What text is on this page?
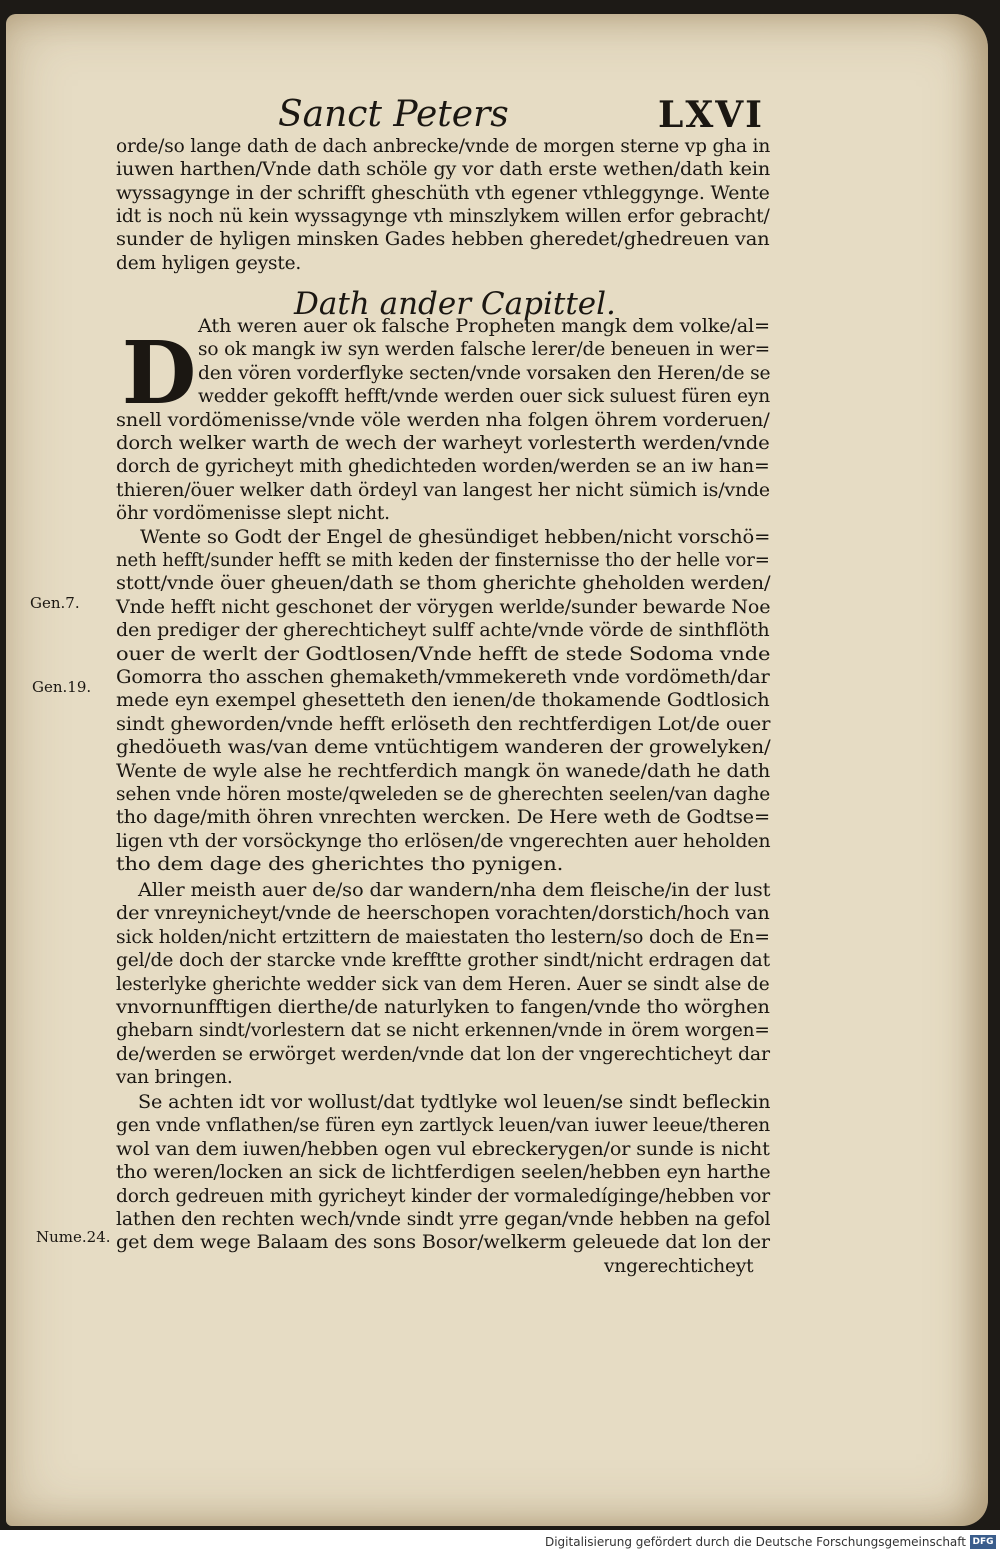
Sanct Peters	LXVI
orde/so lange dath de dach anbrecke/vnde de morgen sterne vp gha in
iuwen harthen/Vnde dath schöle gy vor dath erste wethen/dath kein
wyssagynge in der schrifft gheschüth vth egener vthleggynge. Wente
idt is noch nü kein wyssagynge vth minszlykem willen erfor gebracht/
sunder de hyligen minsken Gades hebben gheredet/ghedreuen van
dem hyligen geyste.
Dath ander Capittel.
D Ath weren auer ok falsche Propheten mangk dem volke/al=
so ok mangk iw syn werden falsche lerer/de beneuen in wer=
den vören vorderflyke secten/vnde vorsaken den Heren/de se
wedder gekofft hefft/vnde werden ouer sick suluest füren eyn
snell vordömenisse/vnde völe werden nha folgen öhrem vorderuen/
dorch welker warth de wech der warheyt vorlesterth werden/vnde
dorch de gyricheyt mith ghedichteden worden/werden se an iw han=
thieren/öuer welker dath ördeyl van langest her nicht sümich is/vnde
öhr vordömenisse slept nicht.
Wente so Godt der Engel de ghesündiget hebben/nicht vorschö=
neth hefft/sunder hefft se mith keden der finsternisse tho der helle vor=
stott/vnde öuer gheuen/dath se thom gherichte gheholden werden/
Vnde hefft nicht geschonet der vörygen werlde/sunder bewarde Noe
den prediger der gherechticheyt sulff achte/vnde vörde de sinthflöth
ouer de werlt der Godtlosen/Vnde hefft de stede Sodoma vnde
Gomorra tho asschen ghemaketh/vmmekereth vnde vordömeth/dar
mede eyn exempel ghesetteth den ienen/de thokamende Godtlosich
sindt gheworden/vnde hefft erlöseth den rechtferdigen Lot/de ouer
ghedöueth was/van deme vntüchtigem wanderen der growelyken/
Wente de wyle alse he rechtferdich mangk ön wanede/dath he dath
sehen vnde hören moste/qweleden se de gherechten seelen/van daghe
tho dage/mith öhren vnrechten wercken. De Here weth de Godtse=
ligen vth der vorsöckynge tho erlösen/de vngerechten auer heholden
tho dem dage des gherichtes tho pynigen.
Aller meisth auer de/so dar wandern/nha dem fleische/in der lust
der vnreynicheyt/vnde de heerschopen vorachten/dorstich/hoch van
sick holden/nicht ertzittern de maiestaten tho lestern/so doch de En=
gel/de doch der starcke vnde krefftte grother sindt/nicht erdragen dat
lesterlyke gherichte wedder sick van dem Heren. Auer se sindt alse de
vnvornunfftigen dierthe/de naturlyken to fangen/vnde tho wörghen
ghebarn sindt/vorlestern dat se nicht erkennen/vnde in örem worgen=
de/werden se erwörget werden/vnde dat lon der vngerechticheyt dar
van bringen.
Se achten idt vor wollust/dat tydtlyke wol leuen/se sindt befleckin
gen vnde vnflathen/se füren eyn zartlyck leuen/van iuwer leeue/theren
wol van dem iuwen/hebben ogen vul ebreckerygen/or sunde is nicht
tho weren/locken an sick de lichtferdigen seelen/hebben eyn harthe
dorch gedreuen mith gyricheyt kinder der vormaledíginge/hebben vor
lathen den rechten wech/vnde sindt yrre gegan/vnde hebben na gefol
get dem wege Balaam des sons Bosor/welkerm geleuede dat lon der
vngerechticheyt
Gen.7.
Gen.19.
Nume.24.
Digitalisierung gefördert durch die Deutsche Forschungsgemeinschaft DFG
